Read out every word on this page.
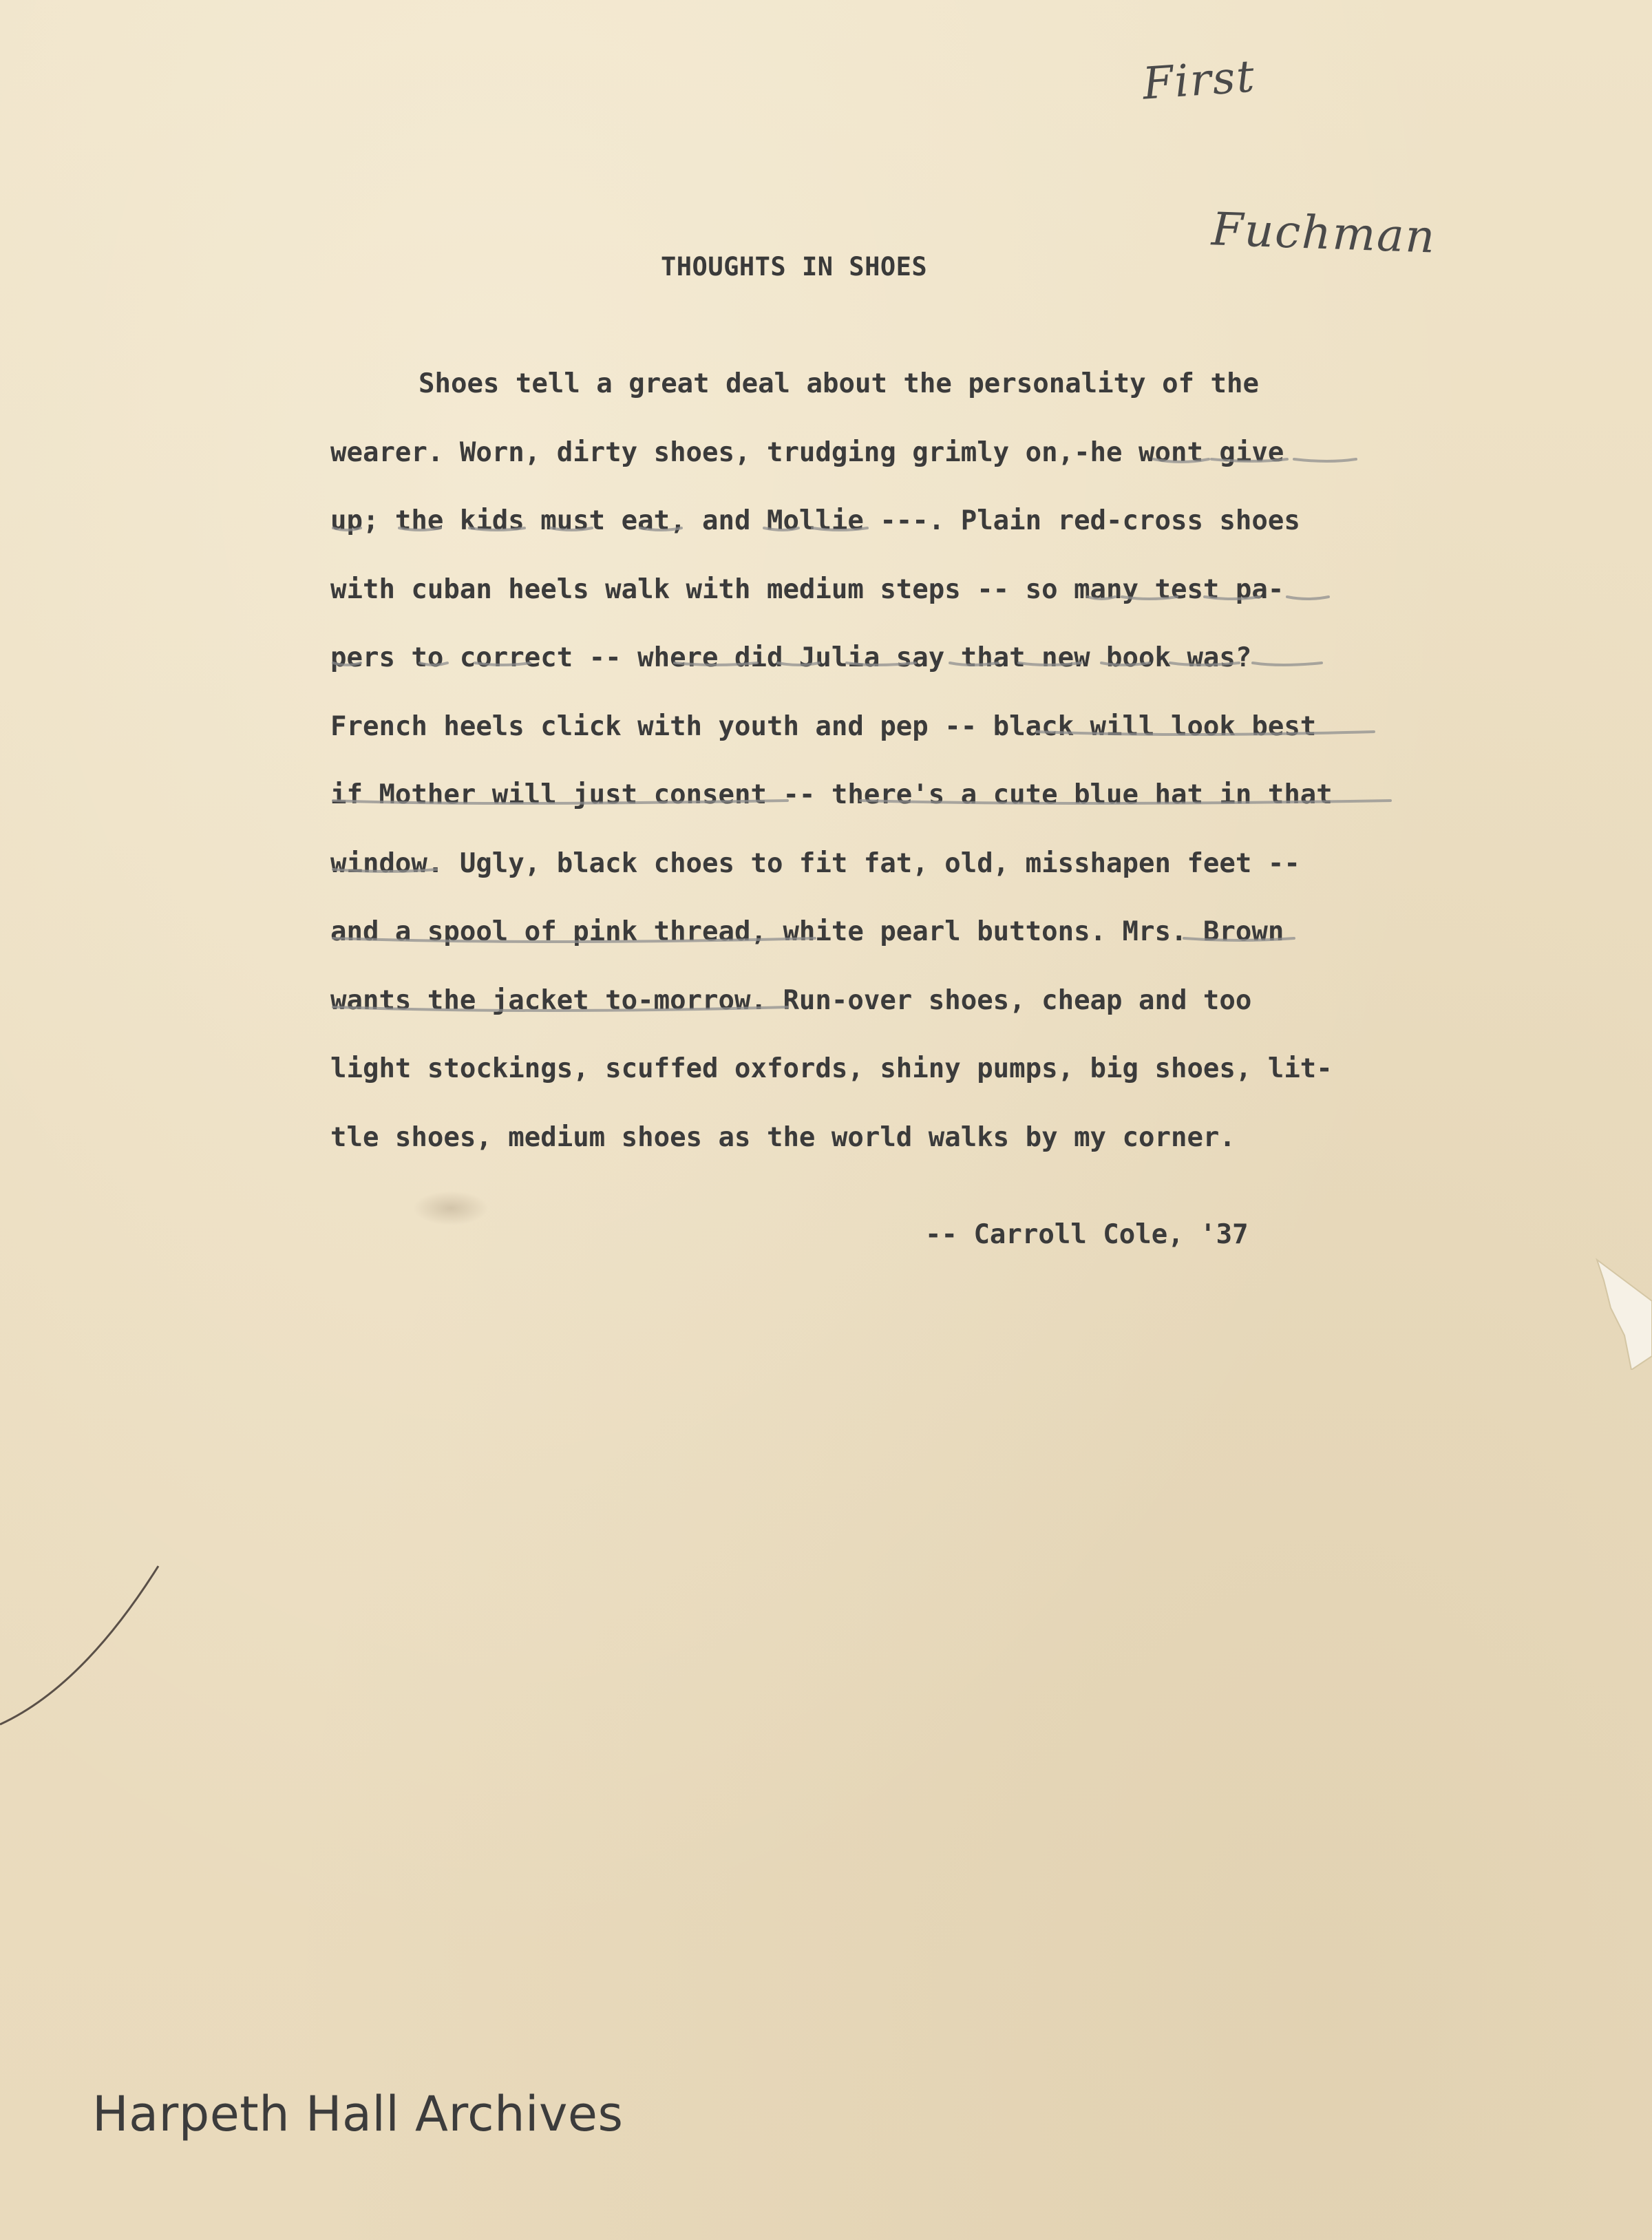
First
Fuchman
THOUGHTS IN SHOES
Shoes tell a great deal about the personality of the
wearer. Worn, dirty shoes, trudging grimly on,-he wont give
up; the kids must eat, and Mollie ---. Plain red-cross shoes
with cuban heels walk with medium steps -- so many test pa-
pers to correct -- where did Julia say that new book was?
French heels click with youth and pep -- black will look best
if Mother will just consent -- there's a cute blue hat in that
window. Ugly, black choes to fit fat, old, misshapen feet --
and a spool of pink thread, white pearl buttons. Mrs. Brown
wants the jacket to-morrow. Run-over shoes, cheap and too
light stockings, scuffed oxfords, shiny pumps, big shoes, lit-
tle shoes, medium shoes as the world walks by my corner.
-- Carroll Cole, '37
Harpeth Hall Archives
